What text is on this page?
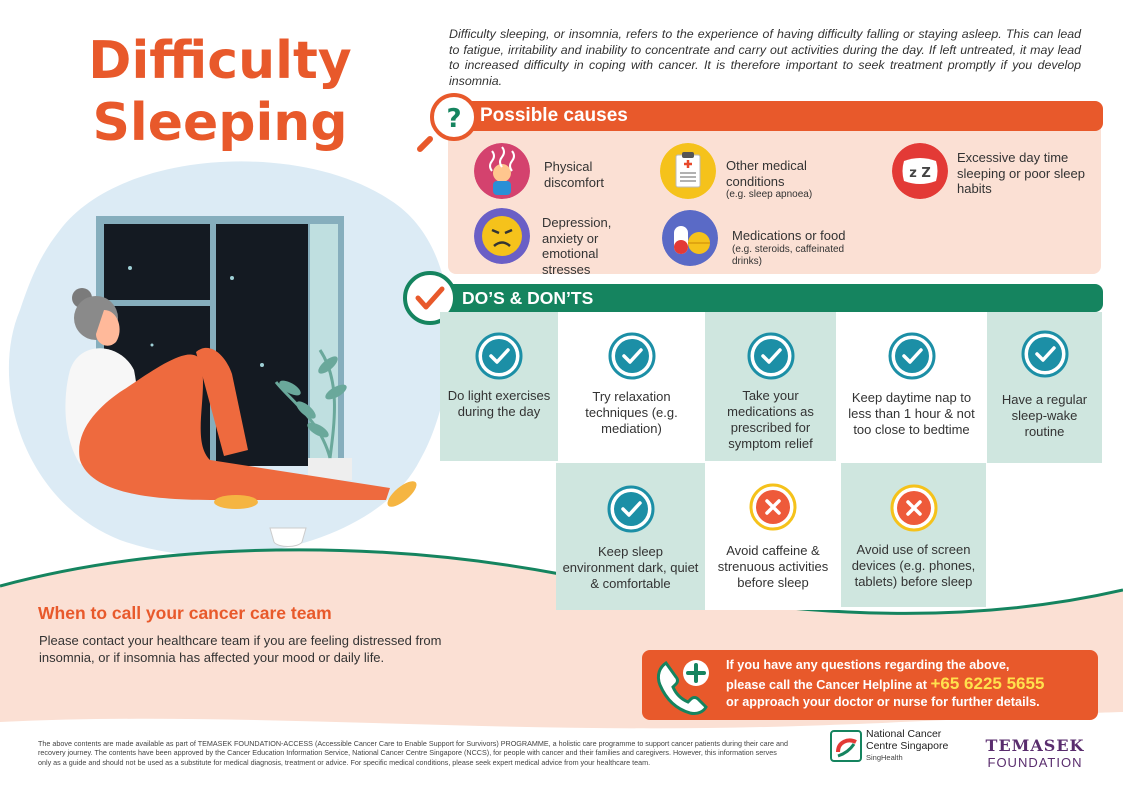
Difficulty
Sleeping
Difficulty sleeping, or insomnia, refers to the experience of having difficulty falling or staying asleep. This can lead to fatigue, irritability and inability to concentrate and carry out activities during the day. If left untreated, it may lead to increased difficulty in coping with cancer. It is therefore important to seek treatment promptly if you develop insomnia.
Possible causes
?
Physical discomfort
Other medical conditions
(e.g. sleep apnoea)
z Z
Excessive day time sleeping or poor sleep habits
Depression, anxiety or emotional stresses
Medications or food
(e.g. steroids, caffeinated drinks)
DO’S & DON’TS
Do light exercises during the day
Try relaxation techniques (e.g. mediation)
Take your medications as prescribed for symptom relief
Keep daytime nap to less than 1 hour & not too close to bedtime
Have a regular sleep-wake routine
Keep sleep environment dark, quiet & comfortable
Avoid caffeine & strenuous activities before sleep
Avoid use of screen devices (e.g. phones, tablets) before sleep
When to call your cancer care team
Please contact your healthcare team if you are feeling distressed from insomnia, or if insomnia has affected your mood or daily life.
If you have any questions regarding the above,
please call the Cancer Helpline at +65 6225 5655
or approach your doctor or nurse for further details.
The above contents are made available as part of TEMASEK FOUNDATION-ACCESS (Accessible Cancer Care to Enable Support for Survivors) PROGRAMME, a holistic care programme to support cancer patients during their care and recovery journey. The contents have been approved by the Cancer Education Information Service, National Cancer Centre Singapore (NCCS), for people with cancer and their families and caregivers. However, this information serves only as a guide and should not be used as a substitute for medical diagnosis, treatment or advice. For specific medical conditions, please seek expert medical advice from your healthcare team.
National Cancer
Centre Singapore
SingHealth
TEMASEK
FOUNDATION
